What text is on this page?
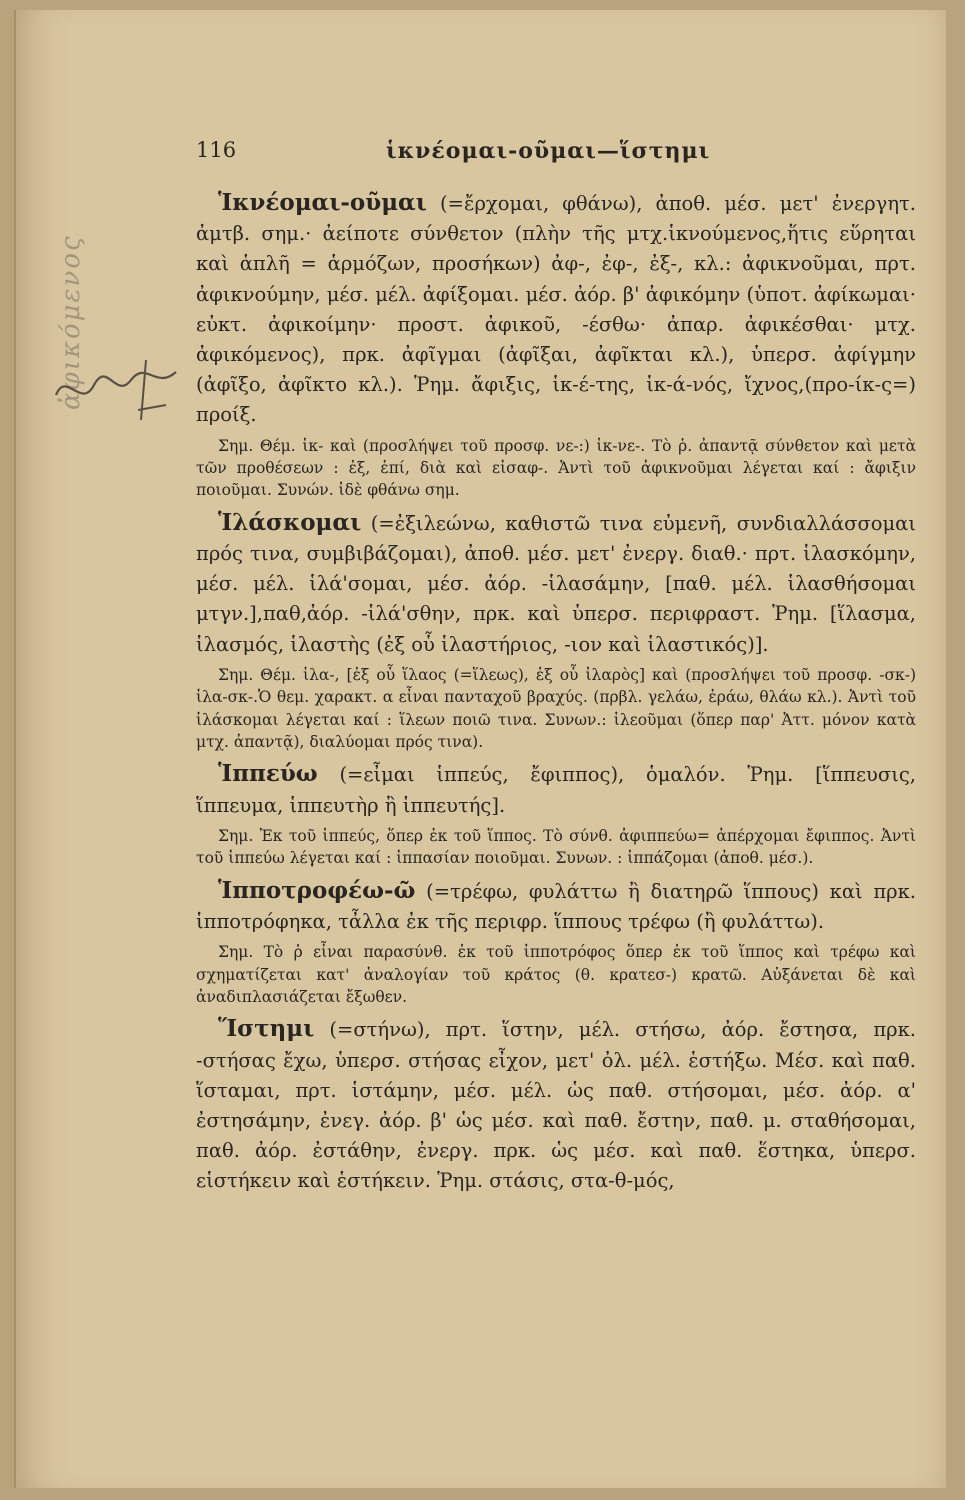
ἀφικόμενος
116	ἱκνέομαι-οῦμαι—ἵστημι

Ἱκνέομαι-οῦμαι (=ἔρχομαι, φθάνω), ἀποθ. μέσ. μετ' ἐνεργητ. ἀμτβ. σημ.· ἀείποτε σύνθετον (πλὴν τῆς μτχ.ἱκνούμενος,ἥτις εὕρηται καὶ ἁπλῆ = ἁρμόζων, προσήκων) ἀφ-, ἐφ-, ἐξ-, κλ.: ἀφικνοῦμαι, πρτ. ἀφικνούμην, μέσ. μέλ. ἀφίξομαι. μέσ. ἀόρ. β' ἀφικόμην (ὑποτ. ἀφίκωμαι· εὐκτ. ἀφικοίμην· προστ. ἀφικοῦ, -έσθω· ἀπαρ. ἀφικέσθαι· μτχ. ἀφικόμενος), πρκ. ἀφῖγμαι (ἀφῖξαι, ἀφῖκται κλ.), ὑπερσ. ἀφίγμην (ἀφῖξο, ἀφῖκτο κλ.). Ῥημ. ἄφιξις, ἱκ-έ-της, ἱκ-ά-νός, ἴχνος,(προ-ίκ-ς=) προίξ.

Σημ. Θέμ. ἱκ- καὶ (προσλήψει τοῦ προσφ. νε-:) ἱκ-νε-. Τὸ ῥ. ἀπαντᾷ σύνθετον καὶ μετὰ τῶν προθέσεων : ἐξ, ἐπί, διὰ καὶ εἰσαφ-. Ἀντὶ τοῦ ἀφικνοῦμαι λέγεται καί : ἄφιξιν ποιοῦμαι. Συνών. ἰδὲ φθάνω σημ.

Ἱλάσκομαι (=ἐξιλεώνω, καθιστῶ τινα εὐμενῆ, συνδιαλλάσσομαι πρός τινα, συμβιβάζομαι), ἀποθ. μέσ. μετ' ἐνεργ. διαθ.· πρτ. ἱλασκόμην, μέσ. μέλ. ἱλά'σομαι, μέσ. ἀόρ. -ἱλασάμην, [παθ. μέλ. ἱλασθήσομαι μτγν.],παθ,ἀόρ. -ἱλά'σθην, πρκ. καὶ ὑπερσ. περιφραστ. Ῥημ. [ἵλασμα, ἱλασμός, ἱλαστὴς (ἐξ οὗ ἱλαστήριος, -ιον καὶ ἱλαστικός)].

Σημ. Θέμ. ἱλα-, [ἐξ οὗ ἵλαος (=ἵλεως), ἐξ οὗ ἱλαρὸς] καὶ (προσλήψει τοῦ προσφ. -σκ-) ἱλα-σκ-.Ὁ θεμ. χαρακτ. α εἶναι πανταχοῦ βραχύς. (πρβλ. γελάω, ἐράω, θλάω κλ.). Ἀντὶ τοῦ ἱλάσκομαι λέγεται καί : ἵλεων ποιῶ τινα. Συνων.: ἱλεοῦμαι (ὅπερ παρ' Ἀττ. μόνον κατὰ μτχ. ἀπαντᾷ), διαλύομαι πρός τινα).

Ἱππεύω (=εἶμαι ἱππεύς, ἔφιππος), ὁμαλόν. Ῥημ. [ἵππευσις, ἵππευμα, ἱππευτὴρ ἢ ἱππευτής].

Σημ. Ἐκ τοῦ ἱππεύς, ὅπερ ἐκ τοῦ ἵππος. Τὸ σύνθ. ἀφιππεύω= ἀπέρχομαι ἔφιππος. Ἀντὶ τοῦ ἱππεύω λέγεται καί : ἱππασίαν ποιοῦμαι. Συνων. : ἱππάζομαι (ἀποθ. μέσ.).

Ἱπποτροφέω-ῶ (=τρέφω, φυλάττω ἢ διατηρῶ ἵππους) καὶ πρκ. ἱπποτρόφηκα, τἆλλα ἐκ τῆς περιφρ. ἵππους τρέφω (ἢ φυλάττω).

Σημ. Τὸ ῥ εἶναι παρασύνθ. ἐκ τοῦ ἱπποτρόφος ὅπερ ἐκ τοῦ ἵππος καὶ τρέφω καὶ σχηματίζεται κατ' ἀναλογίαν τοῦ κράτος (θ. κρατεσ-) κρατῶ. Αὐξάνεται δὲ καὶ ἀναδιπλασιάζεται ἔξωθεν.

Ἵστημι (=στήνω), πρτ. ἵστην, μέλ. στήσω, ἀόρ. ἔστησα, πρκ. -στήσας ἔχω, ὑπερσ. στήσας εἶχον, μετ' ὀλ. μέλ. ἑστήξω. Μέσ. καὶ παθ. ἵσταμαι, πρτ. ἱστάμην, μέσ. μέλ. ὡς παθ. στήσομαι, μέσ. ἀόρ. α' ἐστησάμην, ἐνεγ. ἀόρ. β' ὡς μέσ. καὶ παθ. ἔστην, παθ. μ. σταθήσομαι, παθ. ἀόρ. ἐστάθην, ἐνεργ. πρκ. ὡς μέσ. καὶ παθ. ἕστηκα, ὑπερσ. εἱστήκειν καὶ ἑστήκειν. Ῥημ. στάσις, στα-θ-μός,
